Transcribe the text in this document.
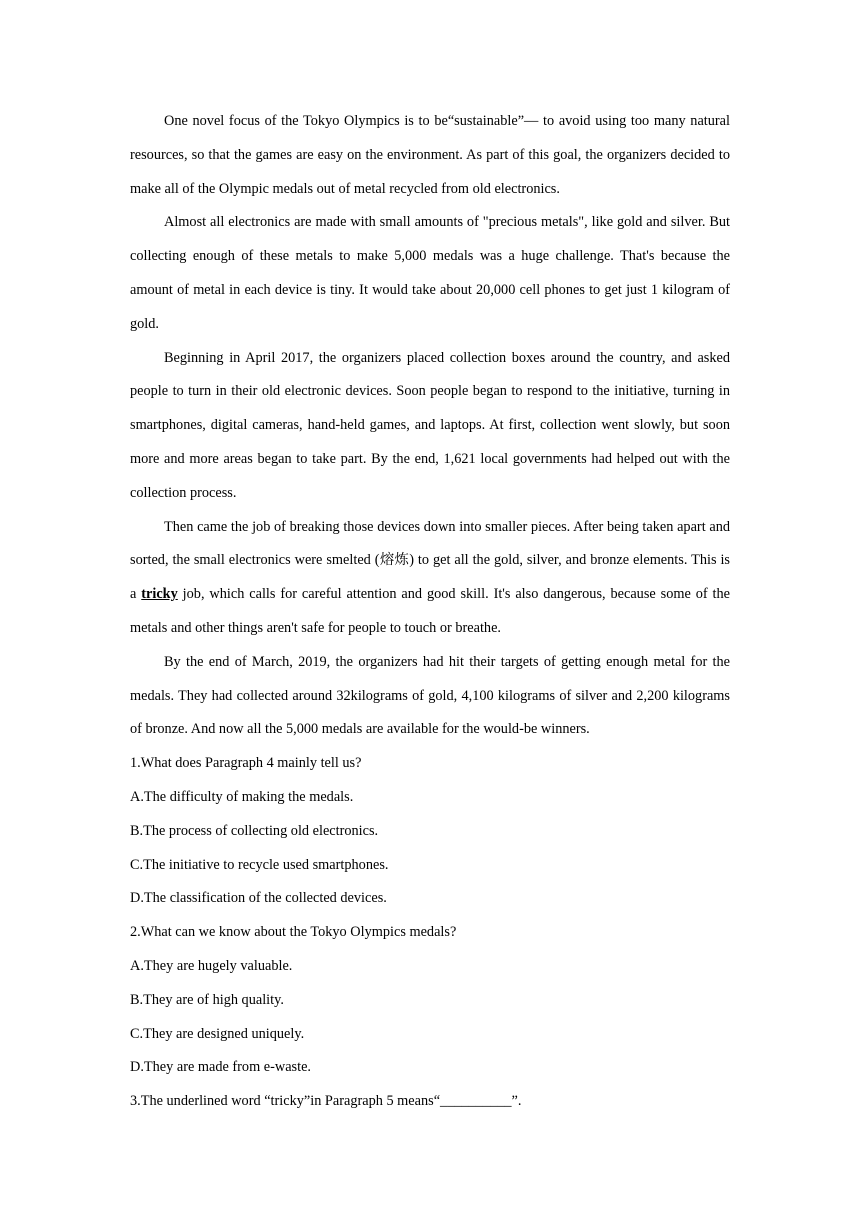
One novel focus of the Tokyo Olympics is to be“sustainable”— to avoid using too many natural resources, so that the games are easy on the environment. As part of this goal, the organizers decided to make all of the Olympic medals out of metal recycled from old electronics.

Almost all electronics are made with small amounts of "precious metals", like gold and silver. But collecting enough of these metals to make 5,000 medals was a huge challenge. That's because the amount of metal in each device is tiny. It would take about 20,000 cell phones to get just 1 kilogram of gold.

Beginning in April 2017, the organizers placed collection boxes around the country, and asked people to turn in their old electronic devices. Soon people began to respond to the initiative, turning in smartphones, digital cameras, hand-held games, and laptops. At first, collection went slowly, but soon more and more areas began to take part. By the end, 1,621 local governments had helped out with the collection process.

Then came the job of breaking those devices down into smaller pieces. After being taken apart and sorted, the small electronics were smelted (熔炼) to get all the gold, silver, and bronze elements. This is a tricky job, which calls for careful attention and good skill. It's also dangerous, because some of the metals and other things aren't safe for people to touch or breathe.

By the end of March, 2019, the organizers had hit their targets of getting enough metal for the medals. They had collected around 32kilograms of gold, 4,100 kilograms of silver and 2,200 kilograms of bronze. And now all the 5,000 medals are available for the would-be winners.

1.What does Paragraph 4 mainly tell us?

A.The difficulty of making the medals.

B.The process of collecting old electronics.

C.The initiative to recycle used smartphones.

D.The classification of the collected devices.

2.What can we know about the Tokyo Olympics medals?

A.They are hugely valuable.

B.They are of high quality.

C.They are designed uniquely.

D.They are made from e-waste.

3.The underlined word “tricky”in Paragraph 5 means“__________”.
